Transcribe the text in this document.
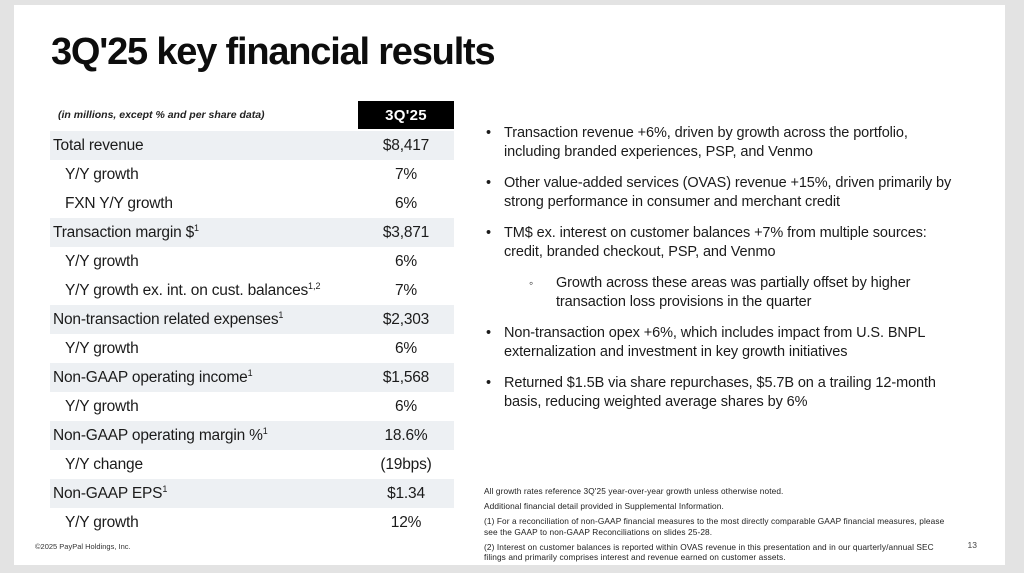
3Q'25 key financial results
(in millions, except % and per share data)	3Q'25
Total revenue	$8,417
Y/Y growth	7%
FXN Y/Y growth	6%
Transaction margin \$$^1$	$3,871
Y/Y growth	6%
Y/Y growth ex. int. on cust. balances$^{1,2}$	7%
Non-transaction related expenses$^1$	$2,303
Y/Y growth	6%
Non-GAAP operating income$^1$	$1,568
Y/Y growth	6%
Non-GAAP operating margin %$^1$	18.6%
Y/Y change	(19bps)
Non-GAAP EPS$^1$	$1.34
Y/Y growth	12%
• Transaction revenue +6%, driven by growth across the portfolio, including branded experiences, PSP, and Venmo
• Other value-added services (OVAS) revenue +15%, driven primarily by strong performance in consumer and merchant credit
• TM$ ex. interest on customer balances +7% from multiple sources: credit, branded checkout, PSP, and Venmo
◦	Growth across these areas was partially offset by higher transaction loss provisions in the quarter
• Non-transaction opex +6%, which includes impact from U.S. BNPL externalization and investment in key growth initiatives
• Returned $1.5B via share repurchases, $5.7B on a trailing 12-month basis, reducing weighted average shares by 6%

All growth rates reference 3Q'25 year-over-year growth unless otherwise noted.

Additional financial detail provided in Supplemental Information.

(1) For a reconciliation of non-GAAP financial measures to the most directly comparable GAAP financial measures, please see the GAAP to non-GAAP Reconciliations on slides 25-28.

(2) Interest on customer balances is reported within OVAS revenue in this presentation and in our quarterly/annual SEC filings and primarily comprises interest and revenue earned on customer assets.

©2025 PayPal Holdings, Inc.	13
